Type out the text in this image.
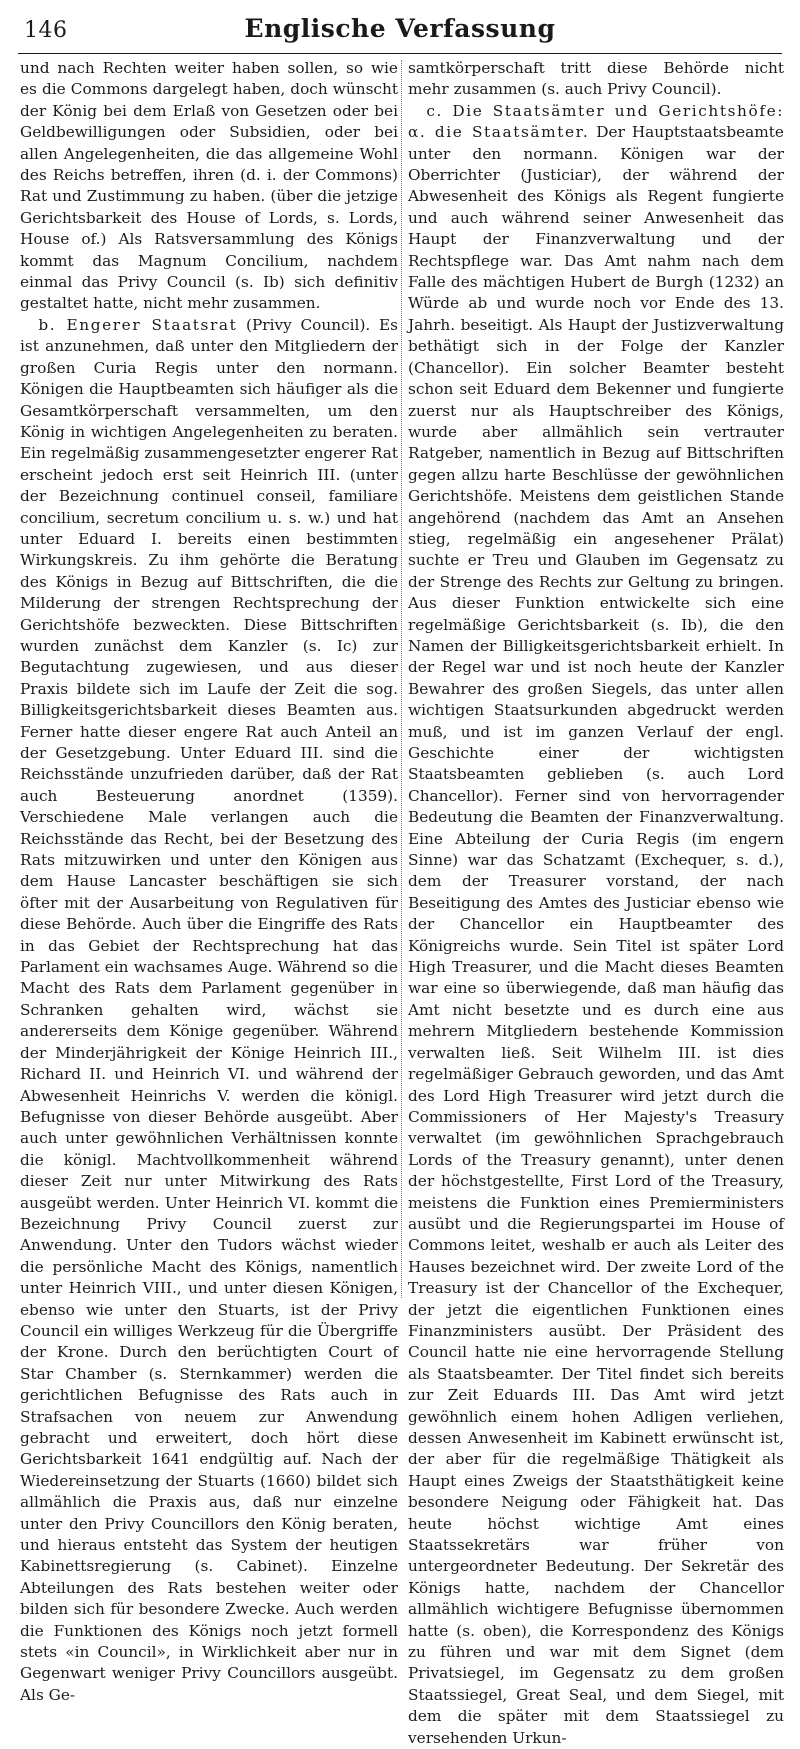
146	Englische Verfassung

und nach Rechten weiter haben sollen, so wie es die Commons dargelegt haben, doch wünscht der König bei dem Erlaß von Gesetzen oder bei Geldbewilligungen oder Subsidien, oder bei allen Angelegenheiten, die das allgemeine Wohl des Reichs betreffen, ihren (d. i. der Commons) Rat und Zustimmung zu haben. (über die jetzige Gerichtsbarkeit des House of Lords, s. Lords, House of.) Als Ratsversammlung des Königs kommt das Magnum Concilium, nachdem einmal das Privy Council (s. Ib) sich definitiv gestaltet hatte, nicht mehr zusammen.

b. Engerer Staatsrat (Privy Council). Es ist anzunehmen, daß unter den Mitgliedern der großen Curia Regis unter den normann. Königen die Hauptbeamten sich häufiger als die Gesamtkörperschaft versammelten, um den König in wichtigen Angelegenheiten zu beraten. Ein regelmäßig zusammengesetzter engerer Rat erscheint jedoch erst seit Heinrich III. (unter der Bezeichnung continuel conseil, familiare concilium, secretum concilium u. s. w.) und hat unter Eduard I. bereits einen bestimmten Wirkungskreis. Zu ihm gehörte die Beratung des Königs in Bezug auf Bittschriften, die die Milderung der strengen Rechtsprechung der Gerichtshöfe bezweckten. Diese Bittschriften wurden zunächst dem Kanzler (s. Ic) zur Begutachtung zugewiesen, und aus dieser Praxis bildete sich im Laufe der Zeit die sog. Billigkeitsgerichtsbarkeit dieses Beamten aus. Ferner hatte dieser engere Rat auch Anteil an der Gesetzgebung. Unter Eduard III. sind die Reichsstände unzufrieden darüber, daß der Rat auch Besteuerung anordnet (1359). Verschiedene Male verlangen auch die Reichsstände das Recht, bei der Besetzung des Rats mitzuwirken und unter den Königen aus dem Hause Lancaster beschäftigen sie sich öfter mit der Ausarbeitung von Regulativen für diese Behörde. Auch über die Eingriffe des Rats in das Gebiet der Rechtsprechung hat das Parlament ein wachsames Auge. Während so die Macht des Rats dem Parlament gegenüber in Schranken gehalten wird, wächst sie andererseits dem Könige gegenüber. Während der Minderjährigkeit der Könige Heinrich III., Richard II. und Heinrich VI. und während der Abwesenheit Heinrichs V. werden die königl. Befugnisse von dieser Behörde ausgeübt. Aber auch unter gewöhnlichen Verhältnissen konnte die königl. Machtvollkommenheit während dieser Zeit nur unter Mitwirkung des Rats ausgeübt werden. Unter Heinrich VI. kommt die Bezeichnung Privy Council zuerst zur Anwendung. Unter den Tudors wächst wieder die persönliche Macht des Königs, namentlich unter Heinrich VIII., und unter diesen Königen, ebenso wie unter den Stuarts, ist der Privy Council ein williges Werkzeug für die Übergriffe der Krone. Durch den berüchtigten Court of Star Chamber (s. Sternkammer) werden die gerichtlichen Befugnisse des Rats auch in Strafsachen von neuem zur Anwendung gebracht und erweitert, doch hört diese Gerichtsbarkeit 1641 endgültig auf. Nach der Wiedereinsetzung der Stuarts (1660) bildet sich allmählich die Praxis aus, daß nur einzelne unter den Privy Councillors den König beraten, und hieraus entsteht das System der heutigen Kabinettsregierung (s. Cabinet). Einzelne Abteilungen des Rats bestehen weiter oder bilden sich für besondere Zwecke. Auch werden die Funktionen des Königs noch jetzt formell stets «in Council», in Wirklichkeit aber nur in Gegenwart weniger Privy Councillors ausgeübt. Als Ge-

samtkörperschaft tritt diese Behörde nicht mehr zusammen (s. auch Privy Council).

c. Die Staatsämter und Gerichtshöfe: α. die Staatsämter. Der Hauptstaatsbeamte unter den normann. Königen war der Oberrichter (Justiciar), der während der Abwesenheit des Königs als Regent fungierte und auch während seiner Anwesenheit das Haupt der Finanzverwaltung und der Rechtspflege war. Das Amt nahm nach dem Falle des mächtigen Hubert de Burgh (1232) an Würde ab und wurde noch vor Ende des 13. Jahrh. beseitigt. Als Haupt der Justizverwaltung bethätigt sich in der Folge der Kanzler (Chancellor). Ein solcher Beamter besteht schon seit Eduard dem Bekenner und fungierte zuerst nur als Hauptschreiber des Königs, wurde aber allmählich sein vertrauter Ratgeber, namentlich in Bezug auf Bittschriften gegen allzu harte Beschlüsse der gewöhnlichen Gerichtshöfe. Meistens dem geistlichen Stande angehörend (nachdem das Amt an Ansehen stieg, regelmäßig ein angesehener Prälat) suchte er Treu und Glauben im Gegensatz zu der Strenge des Rechts zur Geltung zu bringen. Aus dieser Funktion entwickelte sich eine regelmäßige Gerichtsbarkeit (s. Ib), die den Namen der Billigkeitsgerichtsbarkeit erhielt. In der Regel war und ist noch heute der Kanzler Bewahrer des großen Siegels, das unter allen wichtigen Staatsurkunden abgedruckt werden muß, und ist im ganzen Verlauf der engl. Geschichte einer der wichtigsten Staatsbeamten geblieben (s. auch Lord Chancellor). Ferner sind von hervorragender Bedeutung die Beamten der Finanzverwaltung. Eine Abteilung der Curia Regis (im engern Sinne) war das Schatzamt (Exchequer, s. d.), dem der Treasurer vorstand, der nach Beseitigung des Amtes des Justiciar ebenso wie der Chancellor ein Hauptbeamter des Königreichs wurde. Sein Titel ist später Lord High Treasurer, und die Macht dieses Beamten war eine so überwiegende, daß man häufig das Amt nicht besetzte und es durch eine aus mehrern Mitgliedern bestehende Kommission verwalten ließ. Seit Wilhelm III. ist dies regelmäßiger Gebrauch geworden, und das Amt des Lord High Treasurer wird jetzt durch die Commissioners of Her Majesty's Treasury verwaltet (im gewöhnlichen Sprachgebrauch Lords of the Treasury genannt), unter denen der höchstgestellte, First Lord of the Treasury, meistens die Funktion eines Premierministers ausübt und die Regierungspartei im House of Commons leitet, weshalb er auch als Leiter des Hauses bezeichnet wird. Der zweite Lord of the Treasury ist der Chancellor of the Exchequer, der jetzt die eigentlichen Funktionen eines Finanzministers ausübt. Der Präsident des Council hatte nie eine hervorragende Stellung als Staatsbeamter. Der Titel findet sich bereits zur Zeit Eduards III. Das Amt wird jetzt gewöhnlich einem hohen Adligen verliehen, dessen Anwesenheit im Kabinett erwünscht ist, der aber für die regelmäßige Thätigkeit als Haupt eines Zweigs der Staatsthätigkeit keine besondere Neigung oder Fähigkeit hat. Das heute höchst wichtige Amt eines Staatssekretärs war früher von untergeordneter Bedeutung. Der Sekretär des Königs hatte, nachdem der Chancellor allmählich wichtigere Befugnisse übernommen hatte (s. oben), die Korrespondenz des Königs zu führen und war mit dem Signet (dem Privatsiegel, im Gegensatz zu dem großen Staatssiegel, Great Seal, und dem Siegel, mit dem die später mit dem Staatssiegel zu versehenden Urkun-
